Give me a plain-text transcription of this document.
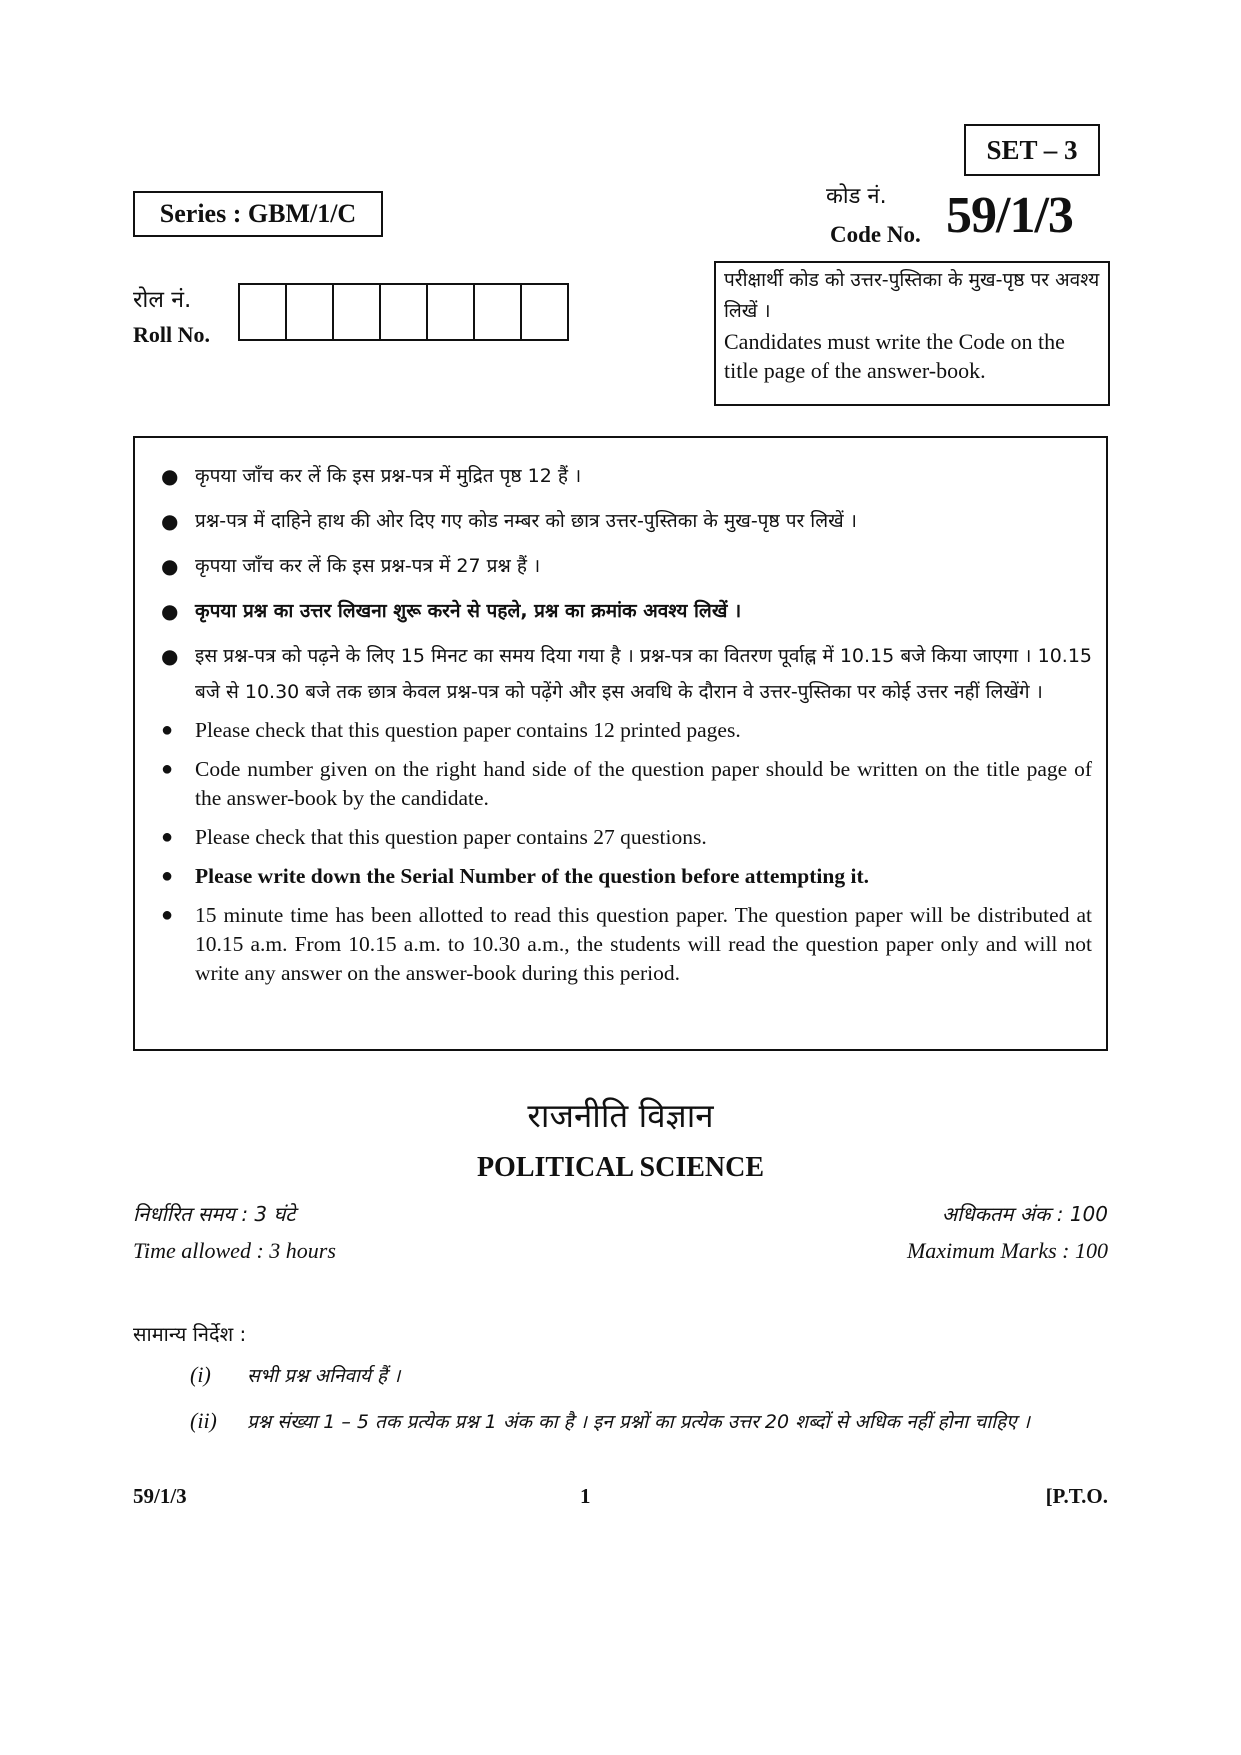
SET – 3
Series : GBM/1/C
कोड नं.
Code No. 59/1/3
रोल नं.
Roll No.
परीक्षार्थी कोड को उत्तर-पुस्तिका के मुख-पृष्ठ पर अवश्य लिखें ।
Candidates must write the Code on the title page of the answer-book.
● कृपया जाँच कर लें कि इस प्रश्न-पत्र में मुद्रित पृष्ठ 12 हैं ।
● प्रश्न-पत्र में दाहिने हाथ की ओर दिए गए कोड नम्बर को छात्र उत्तर-पुस्तिका के मुख-पृष्ठ पर लिखें ।
● कृपया जाँच कर लें कि इस प्रश्न-पत्र में 27 प्रश्न हैं ।
● कृपया प्रश्न का उत्तर लिखना शुरू करने से पहले, प्रश्न का क्रमांक अवश्य लिखें ।
● इस प्रश्न-पत्र को पढ़ने के लिए 15 मिनट का समय दिया गया है । प्रश्न-पत्र का वितरण पूर्वाह्न में 10.15 बजे किया जाएगा । 10.15 बजे से 10.30 बजे तक छात्र केवल प्रश्न-पत्र को पढ़ेंगे और इस अवधि के दौरान वे उत्तर-पुस्तिका पर कोई उत्तर नहीं लिखेंगे ।
● Please check that this question paper contains 12 printed pages.
● Code number given on the right hand side of the question paper should be written on the title page of the answer-book by the candidate.
● Please check that this question paper contains 27 questions.
● Please write down the Serial Number of the question before attempting it.
● 15 minute time has been allotted to read this question paper. The question paper will be distributed at 10.15 a.m. From 10.15 a.m. to 10.30 a.m., the students will read the question paper only and will not write any answer on the answer-book during this period.
राजनीति विज्ञान
POLITICAL SCIENCE
निर्धारित समय : 3 घंटे
Time allowed : 3 hours
अधिकतम अंक : 100
Maximum Marks : 100
सामान्य निर्देश :
(i) सभी प्रश्न अनिवार्य हैं ।
(ii) प्रश्न संख्या 1 – 5 तक प्रत्येक प्रश्न 1 अंक का है । इन प्रश्नों का प्रत्येक उत्तर 20 शब्दों से अधिक नहीं होना चाहिए ।
59/1/3	1	[P.T.O.
